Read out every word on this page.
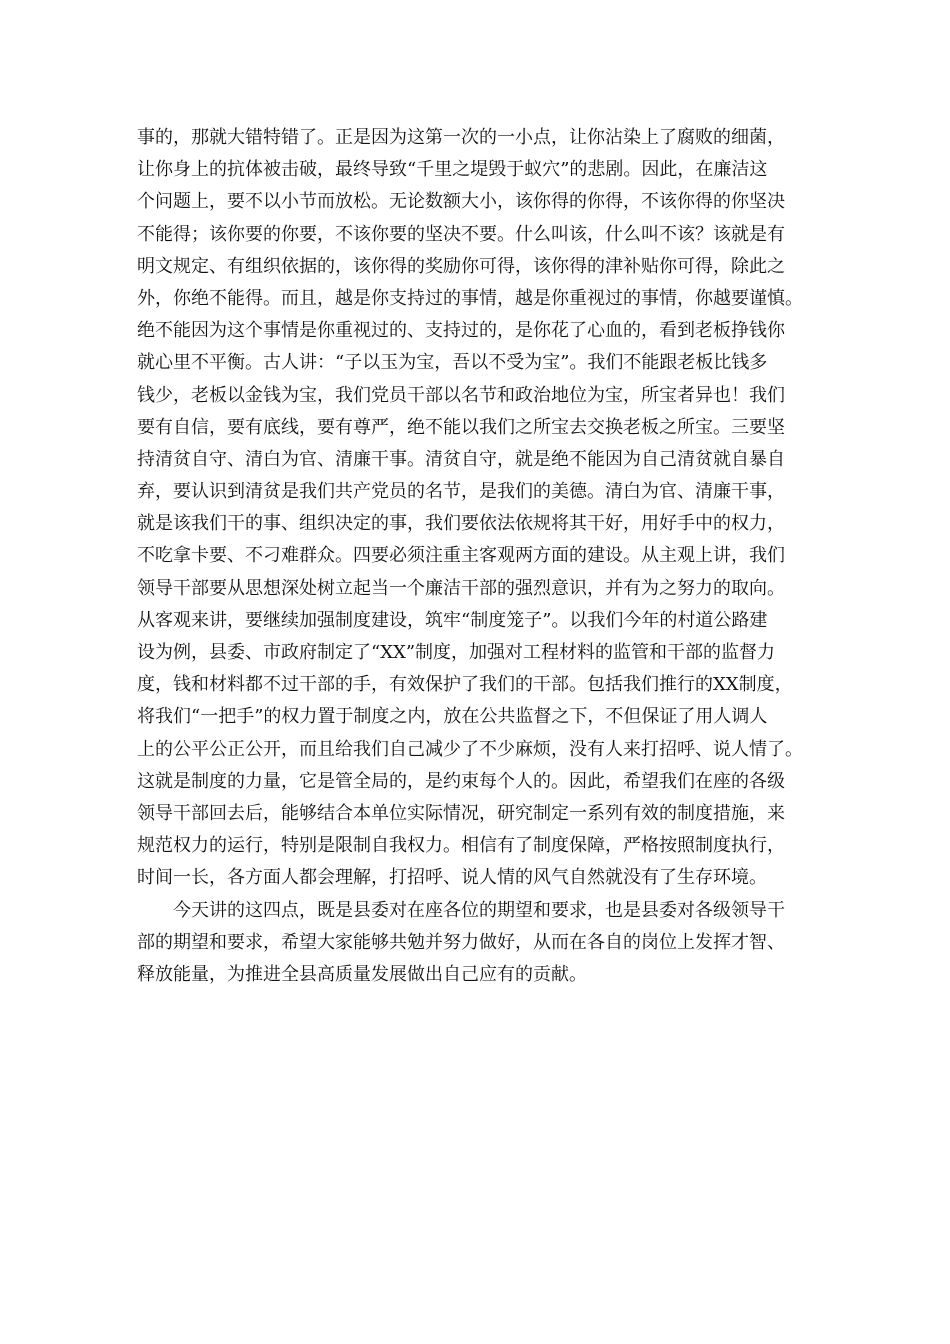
事的，那就大错特错了。正是因为这第一次的一小点，让你沾染上了腐败的细菌，
让你身上的抗体被击破，最终导致“千里之堤毁于蚁穴”的悲剧。因此，在廉洁这
个问题上，要不以小节而放松。无论数额大小，该你得的你得，不该你得的你坚决
不能得；该你要的你要，不该你要的坚决不要。什么叫该，什么叫不该？该就是有
明文规定、有组织依据的，该你得的奖励你可得，该你得的津补贴你可得，除此之
外，你绝不能得。而且，越是你支持过的事情，越是你重视过的事情，你越要谨慎。
绝不能因为这个事情是你重视过的、支持过的，是你花了心血的，看到老板挣钱你
就心里不平衡。古人讲：“子以玉为宝，吾以不受为宝”。我们不能跟老板比钱多
钱少，老板以金钱为宝，我们党员干部以名节和政治地位为宝，所宝者异也！我们
要有自信，要有底线，要有尊严，绝不能以我们之所宝去交换老板之所宝。三要坚
持清贫自守、清白为官、清廉干事。清贫自守，就是绝不能因为自己清贫就自暴自
弃，要认识到清贫是我们共产党员的名节，是我们的美德。清白为官、清廉干事，
就是该我们干的事、组织决定的事，我们要依法依规将其干好，用好手中的权力，
不吃拿卡要、不刁难群众。四要必须注重主客观两方面的建设。从主观上讲，我们
领导干部要从思想深处树立起当一个廉洁干部的强烈意识，并有为之努力的取向。
从客观来讲，要继续加强制度建设，筑牢“制度笼子”。以我们今年的村道公路建
设为例，县委、市政府制定了“XX”制度，加强对工程材料的监管和干部的监督力
度，钱和材料都不过干部的手，有效保护了我们的干部。包括我们推行的XX制度，
将我们“一把手”的权力置于制度之内，放在公共监督之下，不但保证了用人调人
上的公平公正公开，而且给我们自己减少了不少麻烦，没有人来打招呼、说人情了。
这就是制度的力量，它是管全局的，是约束每个人的。因此，希望我们在座的各级
领导干部回去后，能够结合本单位实际情况，研究制定一系列有效的制度措施，来
规范权力的运行，特别是限制自我权力。相信有了制度保障，严格按照制度执行，
时间一长，各方面人都会理解，打招呼、说人情的风气自然就没有了生存环境。
今天讲的这四点，既是县委对在座各位的期望和要求，也是县委对各级领导干
部的期望和要求，希望大家能够共勉并努力做好，从而在各自的岗位上发挥才智、
释放能量，为推进全县高质量发展做出自己应有的贡献。
